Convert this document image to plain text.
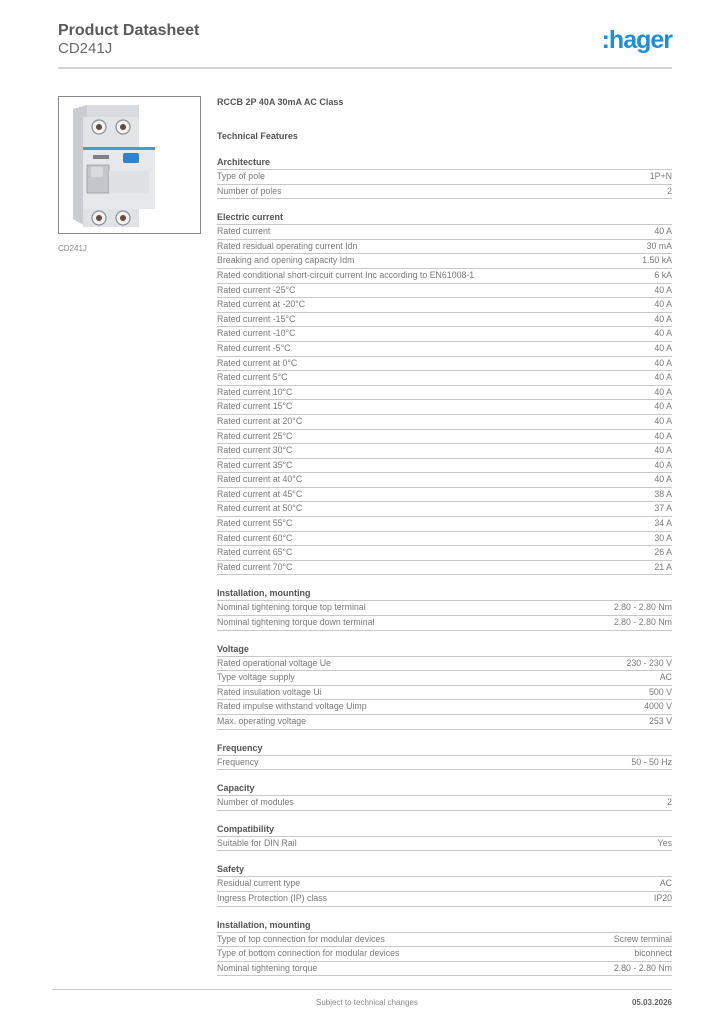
Product Datasheet
CD241J	:hager
CD241J
RCCB 2P 40A 30mA AC Class
Technical Features
Architecture
Type of pole	1P+N
Number of poles	2
Electric current
Rated current	40 A
Rated residual operating current Idn	30 mA
Breaking and opening capacity Idm	1.50 kA
Rated conditional short-circuit current Inc according to EN61008-1	6 kA
Rated current -25°C	40 A
Rated current at -20°C	40 A
Rated current -15°C	40 A
Rated current -10°C	40 A
Rated current -5°C	40 A
Rated current at 0°C	40 A
Rated current 5°C	40 A
Rated current 10°C	40 A
Rated current 15°C	40 A
Rated current at 20°C	40 A
Rated current 25°C	40 A
Rated current 30°C	40 A
Rated current 35°C	40 A
Rated current at 40°C	40 A
Rated current at 45°C	38 A
Rated current at 50°C	37 A
Rated current 55°C	34 A
Rated current 60°C	30 A
Rated current 65°C	26 A
Rated current 70°C	21 A
Installation, mounting
Nominal tightening torque top terminal	2.80 - 2.80 Nm
Nominal tightening torque down terminal	2.80 - 2.80 Nm
Voltage
Rated operational voltage Ue	230 - 230 V
Type voltage supply	AC
Rated insulation voltage Ui	500 V
Rated impulse withstand voltage Uimp	4000 V
Max. operating voltage	253 V
Frequency
Frequency	50 - 50 Hz
Capacity
Number of modules	2
Compatibility
Suitable for DIN Rail	Yes
Safety
Residual current type	AC
Ingress Protection (IP) class	IP20
Installation, mounting
Type of top connection for modular devices	Screw terminal
Type of bottom connection for modular devices	biconnect
Nominal tightening torque	2.80 - 2.80 Nm
Subject to technical changes	05.03.2026
